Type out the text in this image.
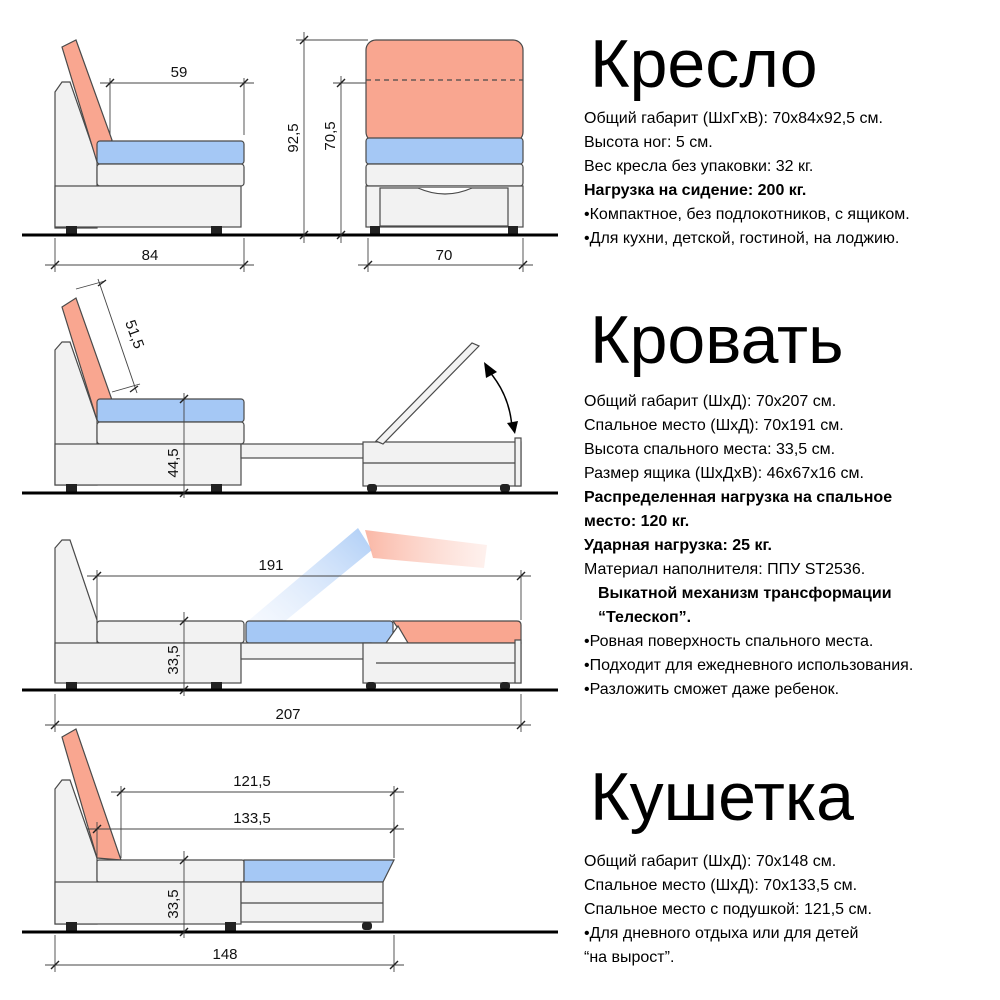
59
84
92,5 70,5
70
51,5
44,5
191
33,5
207
121,5
133,5
33,5
148
Кресло

Общий габарит (ШхГхВ): 70х84х92,5 см.

Высота ног: 5 см.

Вес кресла без упаковки: 32 кг.

Нагрузка на сидение: 200 кг.

•Компактное, без подлокотников, с ящиком.

•Для кухни, детской, гостиной, на лоджию.

Кровать

Общий габарит (ШхД): 70х207 см.

Спальное место (ШхД): 70х191 см.

Высота спального места: 33,5 см.

Размер ящика (ШхДхВ): 46х67х16 см.

Распределенная нагрузка на спальное

место: 120 кг.

Ударная нагрузка: 25 кг.

Материал наполнителя: ППУ ST2536.

Выкатной механизм трансформации

“Телескоп”.

•Ровная поверхность спального места.

•Подходит для ежедневного использования.

•Разложить сможет даже ребенок.

Кушетка

Общий габарит (ШхД): 70х148 см.

Спальное место (ШхД): 70х133,5 см.

Спальное место с подушкой: 121,5 см.

•Для дневного отдыха или для детей

“на вырост”.
